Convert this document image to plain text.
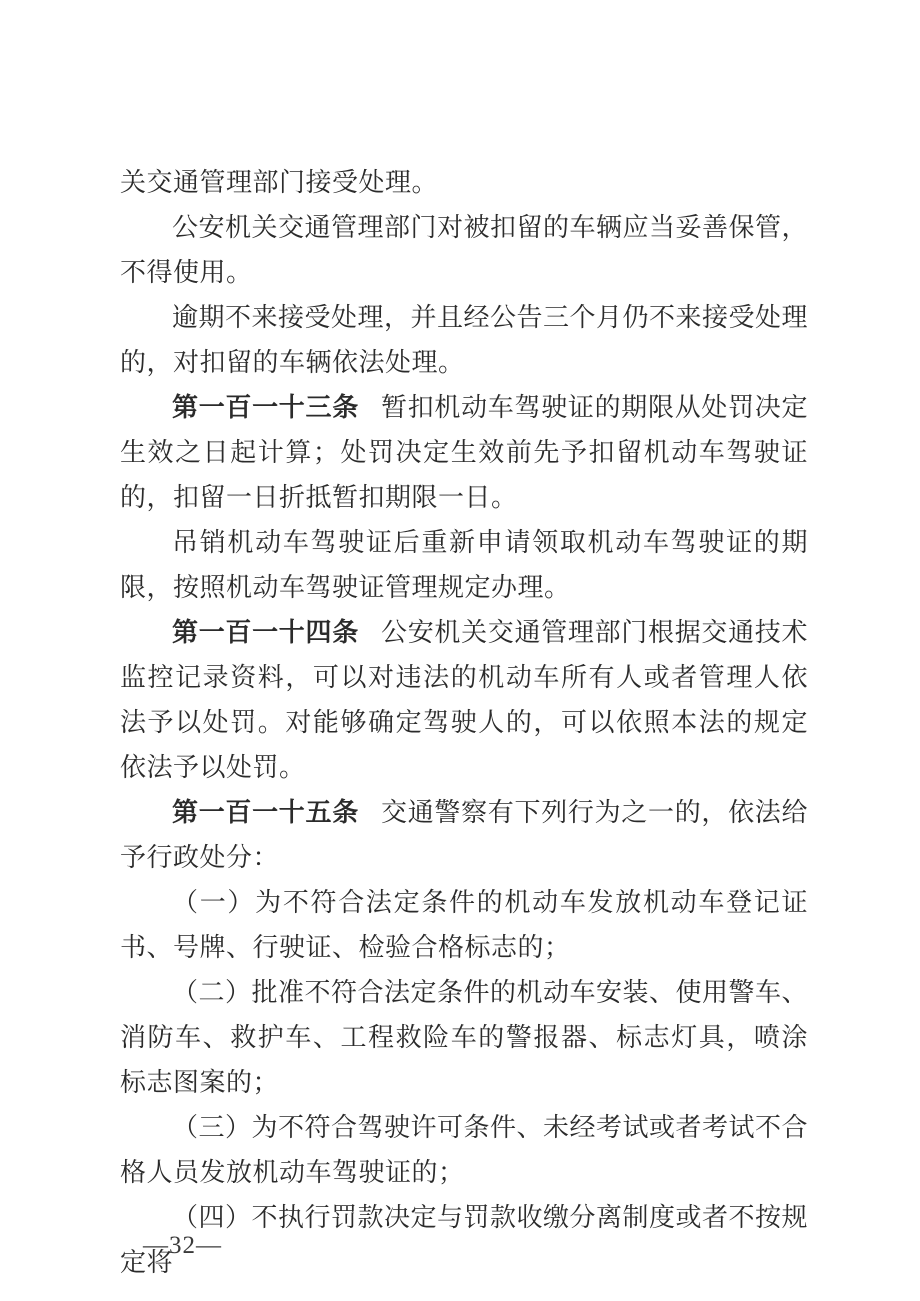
关交通管理部门接受处理。

公安机关交通管理部门对被扣留的车辆应当妥善保管，不得使用。

逾期不来接受处理，并且经公告三个月仍不来接受处理的，对扣留的车辆依法处理。

第一百一十三条 暂扣机动车驾驶证的期限从处罚决定生效之日起计算；处罚决定生效前先予扣留机动车驾驶证的，扣留一日折抵暂扣期限一日。

吊销机动车驾驶证后重新申请领取机动车驾驶证的期限，按照机动车驾驶证管理规定办理。

第一百一十四条 公安机关交通管理部门根据交通技术监控记录资料，可以对违法的机动车所有人或者管理人依法予以处罚。对能够确定驾驶人的，可以依照本法的规定依法予以处罚。

第一百一十五条 交通警察有下列行为之一的，依法给予行政处分：

（一）为不符合法定条件的机动车发放机动车登记证书、号牌、行驶证、检验合格标志的；

（二）批准不符合法定条件的机动车安装、使用警车、消防车、救护车、工程救险车的警报器、标志灯具，喷涂标志图案的；

（三）为不符合驾驶许可条件、未经考试或者考试不合格人员发放机动车驾驶证的；

（四）不执行罚款决定与罚款收缴分离制度或者不按规定将

—32—
